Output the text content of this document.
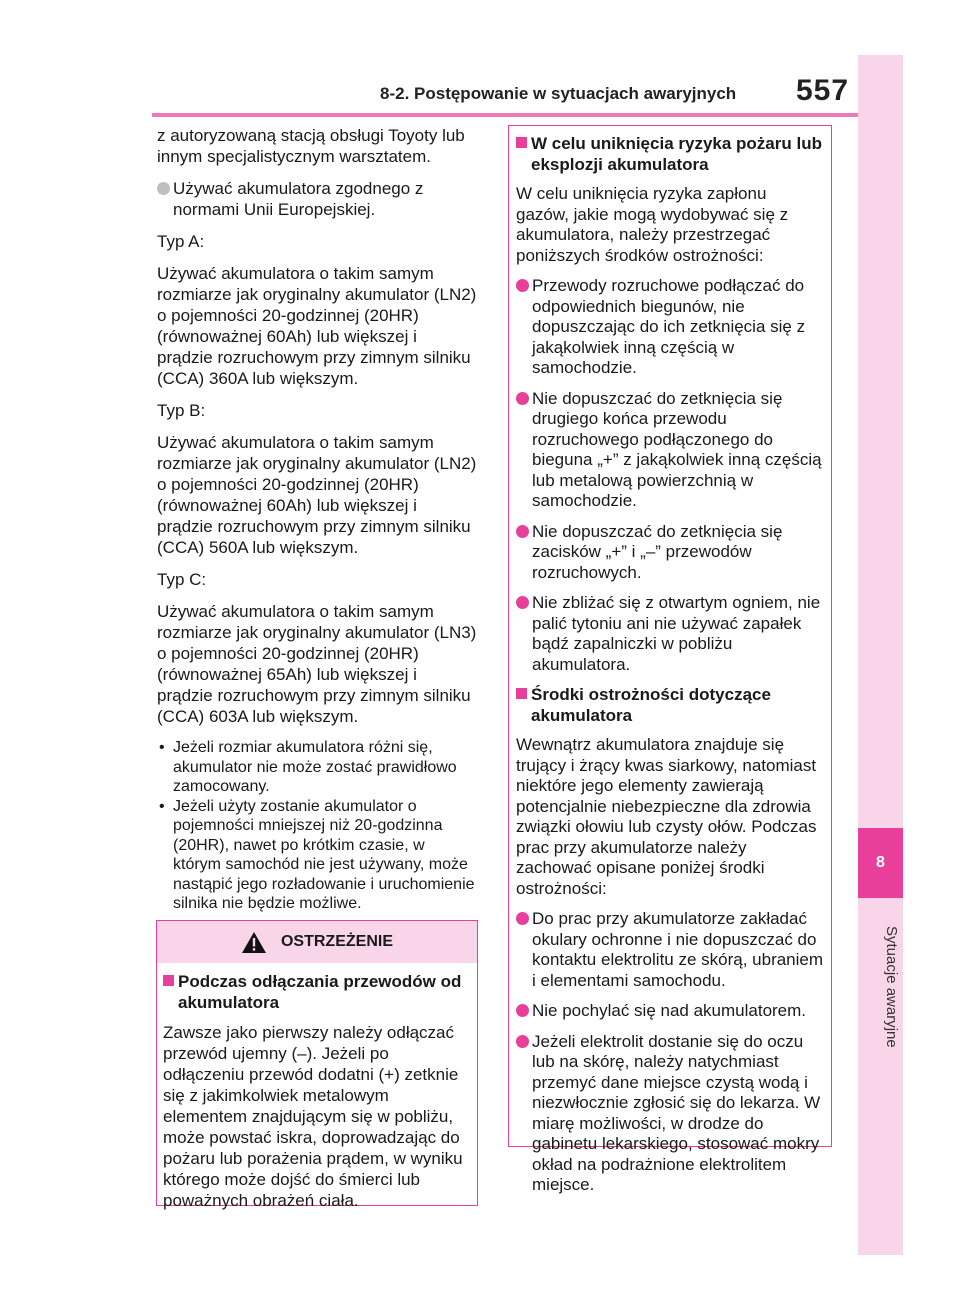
8-2. Postępowanie w sytuacjach awaryjnych 557
8
Sytuacje awaryjne

z autoryzowaną stacją obsługi Toyoty lub innym specjalistycznym warsztatem.

Używać akumulatora zgodnego z normami Unii Europejskiej.

Typ A:

Używać akumulatora o takim samym rozmiarze jak oryginalny akumulator (LN2) o pojemności 20-godzinnej (20HR) (równoważnej 60Ah) lub większej i prądzie rozruchowym przy zimnym silniku (CCA) 360A lub większym.

Typ B:

Używać akumulatora o takim samym rozmiarze jak oryginalny akumulator (LN2) o pojemności 20-godzinnej (20HR) (równoważnej 60Ah) lub większej i prądzie rozruchowym przy zimnym silniku (CCA) 560A lub większym.

Typ C:

Używać akumulatora o takim samym rozmiarze jak oryginalny akumulator (LN3) o pojemności 20-godzinnej (20HR) (równoważnej 65Ah) lub większej i prądzie rozruchowym przy zimnym silniku (CCA) 603A lub większym.

• Jeżeli rozmiar akumulatora różni się, akumulator nie może zostać prawidłowo zamocowany.
• Jeżeli użyty zostanie akumulator o pojemności mniejszej niż 20-godzinna (20HR), nawet po krótkim czasie, w którym samochód nie jest używany, może nastąpić jego rozładowanie i uruchomienie silnika nie będzie możliwe.
OSTRZEŻENIE
Podczas odłączania przewodów od akumulatora
Zawsze jako pierwszy należy odłączać przewód ujemny (–). Jeżeli po odłączeniu przewód dodatni (+) zetknie się z jakimkolwiek metalowym elementem znajdującym się w pobliżu, może powstać iskra, doprowadzając do pożaru lub porażenia prądem, w wyniku którego może dojść do śmierci lub poważnych obrażeń ciała.
W celu uniknięcia ryzyka pożaru lub eksplozji akumulatora

W celu uniknięcia ryzyka zapłonu gazów, jakie mogą wydobywać się z akumulatora, należy przestrzegać poniższych środków ostrożności:

Przewody rozruchowe podłączać do odpowiednich biegunów, nie dopuszczając do ich zetknięcia się z jakąkolwiek inną częścią w samochodzie.
Nie dopuszczać do zetknięcia się drugiego końca przewodu rozruchowego podłączonego do bieguna „+” z jakąkolwiek inną częścią lub metalową powierzchnią w samochodzie.
Nie dopuszczać do zetknięcia się zacisków „+” i „–” przewodów rozruchowych.
Nie zbliżać się z otwartym ogniem, nie palić tytoniu ani nie używać zapałek bądź zapalniczki w pobliżu akumulatora.
Środki ostrożności dotyczące akumulatora

Wewnątrz akumulatora znajduje się trujący i żrący kwas siarkowy, natomiast niektóre jego elementy zawierają potencjalnie niebezpieczne dla zdrowia związki ołowiu lub czysty ołów. Podczas prac przy akumulatorze należy zachować opisane poniżej środki ostrożności:

Do prac przy akumulatorze zakładać okulary ochronne i nie dopuszczać do kontaktu elektrolitu ze skórą, ubraniem i elementami samochodu.
Nie pochylać się nad akumulatorem.
Jeżeli elektrolit dostanie się do oczu lub na skórę, należy natychmiast przemyć dane miejsce czystą wodą i niezwłocznie zgłosić się do lekarza. W miarę możliwości, w drodze do gabinetu lekarskiego, stosować mokry okład na podrażnione elektrolitem miejsce.
